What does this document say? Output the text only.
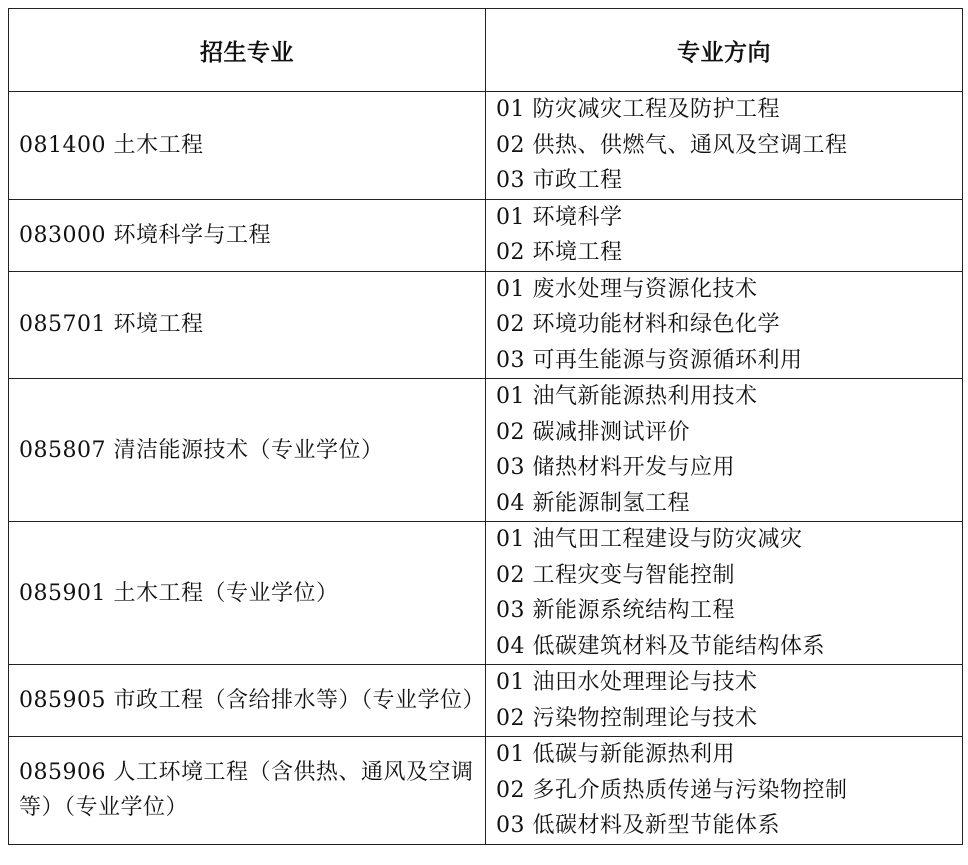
招生专业	专业方向
081400 土木工程	01 防灾减灾工程及防护工程
02 供热、供燃气、通风及空调工程
03 市政工程

083000 环境科学与工程	01 环境科学
02 环境工程

085701 环境工程	01 废水处理与资源化技术
02 环境功能材料和绿色化学
03 可再生能源与资源循环利用

085807 清洁能源技术（专业学位）	01 油气新能源热利用技术
02 碳减排测试评价
03 储热材料开发与应用
04 新能源制氢工程

085901 土木工程（专业学位）	01 油气田工程建设与防灾减灾
02 工程灾变与智能控制
03 新能源系统结构工程
04 低碳建筑材料及节能结构体系

085905 市政工程（含给排水等）（专业学位）	01 油田水处理理论与技术
02 污染物控制理论与技术

085906 人工环境工程（含供热、通风及空调等）（专业学位）	01 低碳与新能源热利用
02 多孔介质热质传递与污染物控制
03 低碳材料及新型节能体系
